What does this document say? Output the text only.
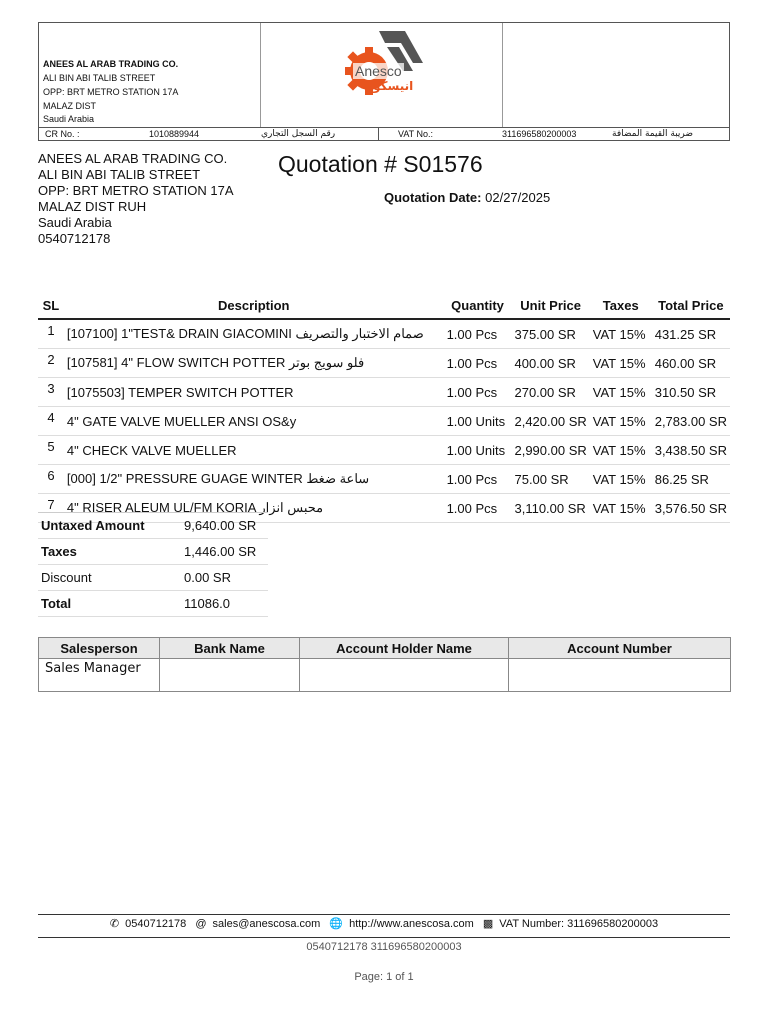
ANEES AL ARAB TRADING CO.
ALI BIN ABI TALIB STREET
OPP: BRT METRO STATION 17A
MALAZ DIST
Saudi Arabia
Anesco
انيسكو
CR No. :	1010889944	رقم السجل التجاري	VAT No.:	311696580200003	ضريبة القيمة المضافة
ANEES AL ARAB TRADING CO.
ALI BIN ABI TALIB STREET
OPP: BRT METRO STATION 17A
MALAZ DIST RUH
Saudi Arabia
0540712178
Quotation # S01576
Quotation Date: 02/27/2025
SL	Description	Quantity	Unit Price	Taxes	Total Price
1	[107100] 1"TEST& DRAIN GIACOMINI صمام الاختبار والتصريف	1.00 Pcs	375.00 SR	VAT 15%	431.25 SR
2	[107581] 4" FLOW SWITCH POTTER فلو سويج بوتر	1.00 Pcs	400.00 SR	VAT 15%	460.00 SR
3	[1075503] TEMPER SWITCH POTTER	1.00 Pcs	270.00 SR	VAT 15%	310.50 SR
4	4" GATE VALVE MUELLER ANSI OS&y	1.00 Units	2,420.00 SR	VAT 15%	2,783.00 SR
5	4" CHECK VALVE MUELLER	1.00 Units	2,990.00 SR	VAT 15%	3,438.50 SR
6	[000] 1/2" PRESSURE GUAGE WINTER ساعة ضغط	1.00 Pcs	75.00 SR	VAT 15%	86.25 SR
7	4" RISER ALEUM UL/FM KORIA محبس انزار	1.00 Pcs	3,110.00 SR	VAT 15%	3,576.50 SR
Untaxed Amount	9,640.00 SR
Taxes	1,446.00 SR
Discount	0.00 SR
Total	11086.0
Salesperson	Bank Name	Account Holder Name	Account Number
Sales Manager			
✆ 0540712178 @ sales@anescosa.com 🌐 http://www.anescosa.com ▩ VAT Number: 311696580200003
0540712178 311696580200003
Page: 1 of 1
